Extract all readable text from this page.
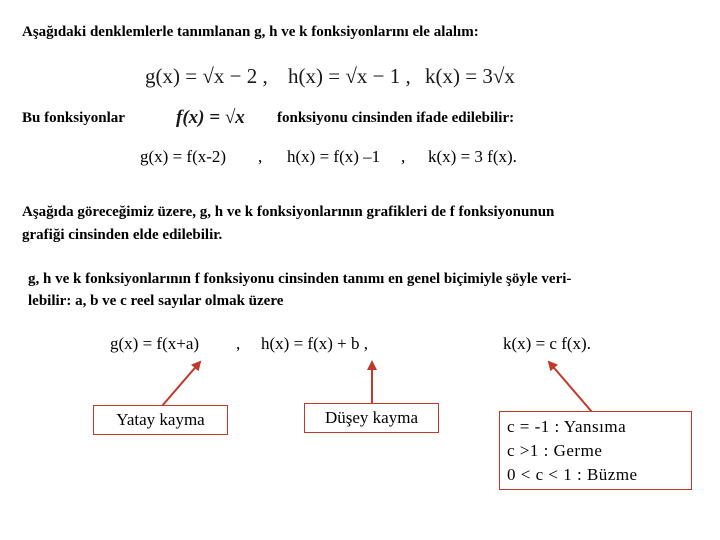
Aşağıdaki denklemlerle tanımlanan g, h ve k fonksiyonlarını ele alalım:
g(x) = √x − 2 , h(x) = √x − 1 , k(x) = 3√x
Bu fonksiyonlar	f(x) = √x fonksiyonu cinsinden ifade edilebilir:
g(x) = f(x-2) , h(x) = f(x) –1 , k(x) = 3 f(x).
Aşağıda göreceğimiz üzere, g, h ve k fonksiyonlarının grafikleri de f fonksiyonunun
grafiği cinsinden elde edilebilir.
g, h ve k fonksiyonlarının f fonksiyonu cinsinden tanımı en genel biçimiyle şöyle veri-
lebilir: a, b ve c reel sayılar olmak üzere
g(x) = f(x+a) , h(x) = f(x) + b ,	k(x) = c f(x).
Yatay kayma	Düşey kayma	c = -1 : Yansıma
c >1 : Germe
0 < c < 1 : Büzme
